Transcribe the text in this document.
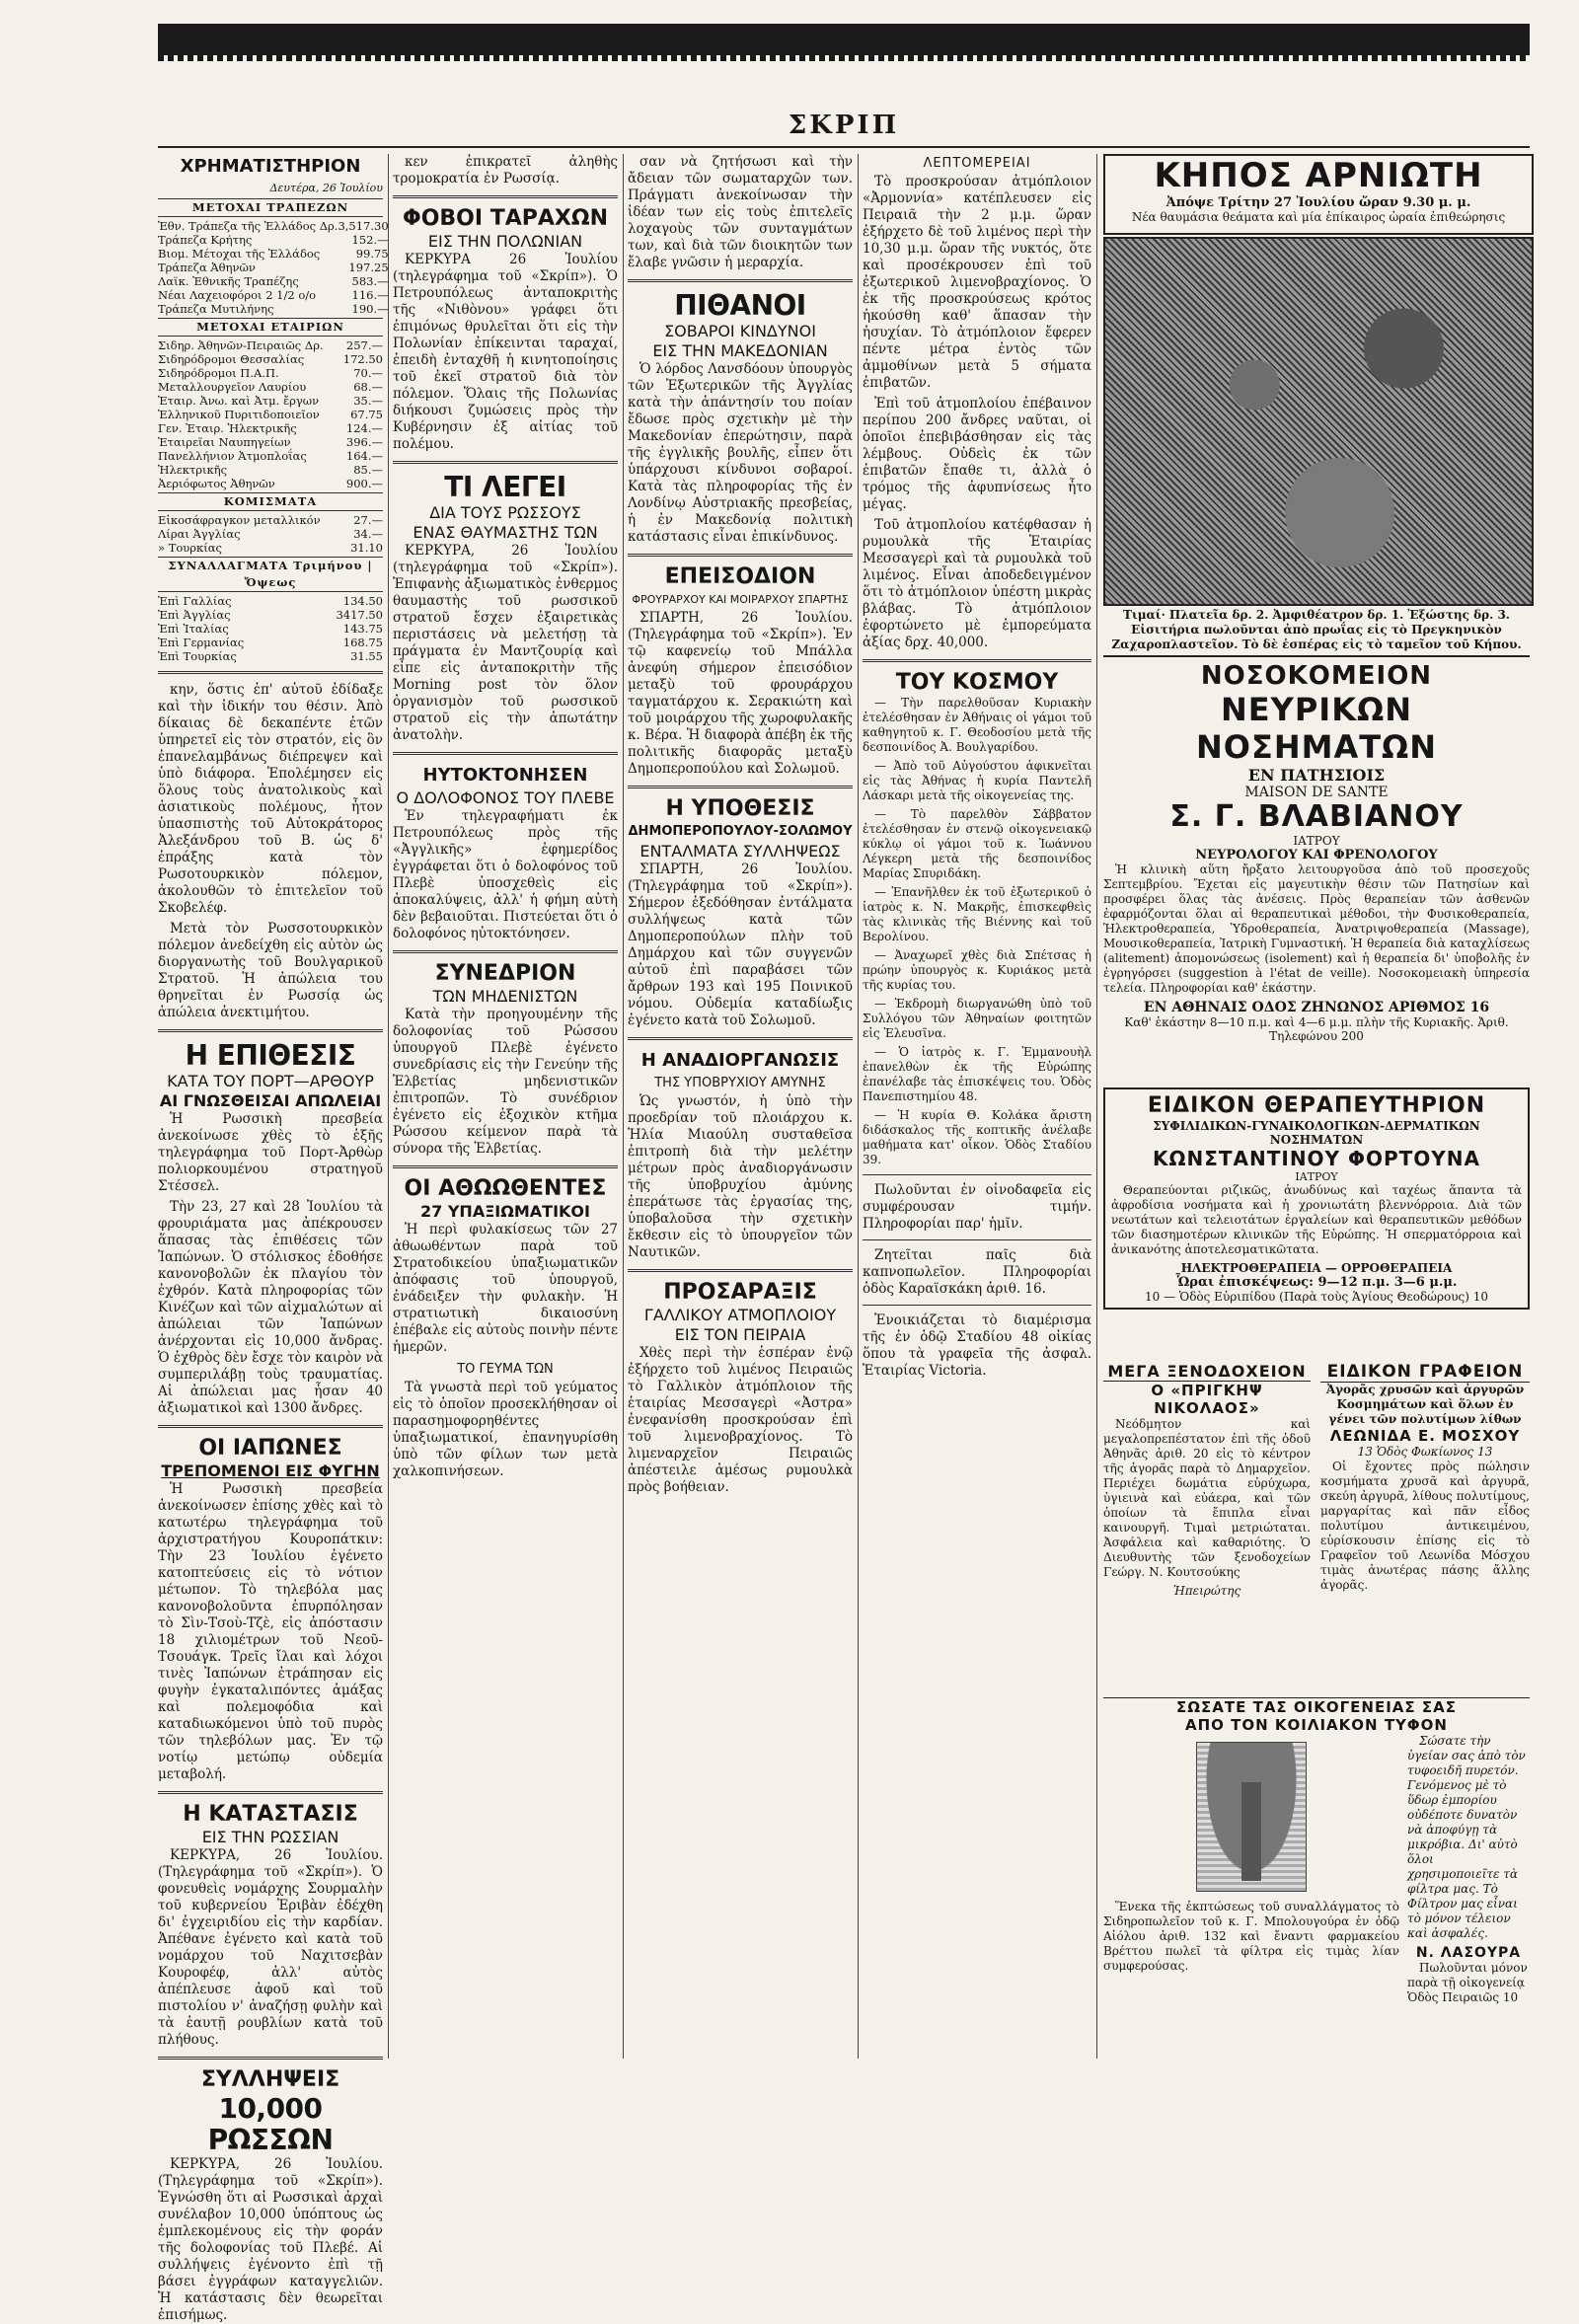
ΣΚΡΙΠ
ΧΡΗΜΑΤΙΣΤΗΡΙΟΝ
Δευτέρα, 26 Ἰουλίου
ΜΕΤΟΧΑΙ ΤΡΑΠΕΖΩΝ
Ἐθν. Τράπεζα τῆς Ἑλλάδος Δρ.	3,517.30
Τράπεζα Κρήτης	152.—
Βιομ. Μέτοχαι τῆς Ἑλλάδος	99.75
Τράπεζα Ἀθηνῶν	197.25
Λαϊκ. Ἐθνικῆς Τραπέζης	583.—
Νέαι Λαχειοφόροι 2 1/2 ο/ο	116.—
Τράπεζα Μυτιλήνης	190.—
ΜΕΤΟΧΑΙ ΕΤΑΙΡΙΩΝ
Σιδηρ. Ἀθηνῶν-Πειραιῶς Δρ.	257.—
Σιδηρόδρομοι Θεσσαλίας	172.50
Σιδηρόδρομοι Π.Α.Π.	70.—
Μεταλλουργεῖον Λαυρίου	68.—
Ἑταιρ. Ἀνω. καὶ Ἀτμ. ἔργων	35.—
Ἑλληνικοῦ Πυριτιδοποιεῖον	67.75
Γεν. Ἑταιρ. Ἠλεκτρικῆς	124.—
Ἑταιρεῖαι Ναυπηγείων	396.—
Πανελλήνιον Ἀτμοπλοΐας	164.—
Ἠλεκτρικῆς	85.—
Ἀεριόφωτος Ἀθηνῶν	900.—
ΚΟΜΙΣΜΑΤΑ
Εἰκοσάφραγκον μεταλλικόν	27.—
Λίραι Ἀγγλίας	34.—
» Τουρκίας	31.10
ΣΥΝΑΛΛΑΓΜΑΤΑ Τριμήνου | Ὄψεως
Ἐπὶ Γαλλίας	134.50
Ἐπὶ Ἀγγλίας	3417.50
Ἐπὶ Ἰταλίας	143.75
Ἐπὶ Γερμανίας	168.75
Ἐπὶ Τουρκίας	31.55

κην, ὅστις ἐπ' αὐτοῦ ἐδίδαξε καὶ τὴν ἰδικήν του θέσιν. Ἀπὸ δίκαιας δὲ δεκαπέντε ἐτῶν ὑπηρετεῖ εἰς τὸν στρατόν, εἰς ὃν ἐπανελαμβάνως διέπρεψεν καὶ ὑπὸ διάφορα. Ἐπολέμησεν εἰς ὅλους τοὺς ἀνατολικοὺς καὶ ἀσιατικοὺς πολέμους, ἦτον ὑπασπιστὴς τοῦ Αὐτοκράτορος Ἀλεξάνδρου τοῦ Β. ὡς δ' ἐπράξης κατὰ τὸν Ρωσοτουρκικὸν πόλεμον, ἀκολουθῶν τὸ ἐπιτελεῖον τοῦ Σκοβελέφ.

Μετὰ τὸν Ρωσσοτουρκικὸν πόλεμον ἀνεδείχθη εἰς αὐτὸν ὡς διοργανωτὴς τοῦ Βουλγαρικοῦ Στρατοῦ. Ἡ ἀπώλεια του θρηνεῖται ἐν Ρωσσίᾳ ὡς ἀπώλεια ἀνεκτιμήτου.

Η ΕΠΙΘΕΣΙΣ
ΚΑΤΑ ΤΟΥ ΠΟΡΤ—ΑΡΘΟΥΡ
ΑΙ ΓΝΩΣΘΕΙΣΑΙ ΑΠΩΛΕΙΑΙ

Ἡ Ρωσσικὴ πρεσβεία ἀνεκοίνωσε χθὲς τὸ ἑξῆς τηλεγράφημα τοῦ Πορτ-Ἀρθὼρ πολιορκουμένου στρατηγοῦ Στέσσελ.

Τὴν 23, 27 καὶ 28 Ἰουλίου τὰ φρουριάματα μας ἀπέκρουσεν ἅπασας τὰς ἐπιθέσεις τῶν Ἰαπώνων. Ὁ στόλισκος ἐδοθήσε κανονοβολῶν ἐκ πλαγίου τὸν ἐχθρόν. Κατὰ πληροφορίας τῶν Κινέζων καὶ τῶν αἰχμαλώτων αἱ ἀπώλειαι τῶν Ἰαπώνων ἀνέρχονται εἰς 10,000 ἄνδρας. Ὁ ἐχθρὸς δὲν ἔσχε τὸν καιρὸν νὰ συμπεριλάβῃ τοὺς τραυματίας. Αἱ ἀπώλειαι μας ἦσαν 40 ἀξιωματικοὶ καὶ 1300 ἄνδρες.

ΟΙ ΙΑΠΩΝΕΣ
ΤΡΕΠΟΜΕΝΟΙ ΕΙΣ ΦΥΓΗΝ

Ἡ Ρωσσικὴ πρεσβεία ἀνεκοίνωσεν ἐπίσης χθὲς καὶ τὸ κατωτέρω τηλεγράφημα τοῦ ἀρχιστρατήγου Κουροπάτκιν: Τὴν 23 Ἰουλίου ἐγένετο κατοπτεύσεις εἰς τὸ νότιον μέτωπον. Τὸ τηλεβόλα μας κανονοβολοῦντα ἐπυρπόλησαν τὸ Σὶν-Τσοὺ-Τζὲ, εἰς ἀπόστασιν 18 χιλιομέτρων τοῦ Νεοῦ-Τσουάγκ. Τρεῖς ἴλαι καὶ λόχοι τινὲς Ἰαπώνων ἐτράπησαν εἰς φυγὴν ἐγκαταλιπόντες ἁμάξας καὶ πολεμοφόδια καὶ καταδιωκόμενοι ὑπὸ τοῦ πυρὸς τῶν τηλεβόλων μας. Ἐν τῷ νοτίῳ μετώπῳ οὐδεμία μεταβολή.

Η ΚΑΤΑΣΤΑΣΙΣ
ΕΙΣ ΤΗΝ ΡΩΣΣΙΑΝ

ΚΕΡΚΥΡΑ, 26 Ἰουλίου. (Τηλεγράφημα τοῦ «Σκρίπ»). Ὁ φονευθεὶς νομάρχης Σουρμαλὴν τοῦ κυβερνείου Ἐριβὰν ἐδέχθη δι' ἐγχειριδίου εἰς τὴν καρδίαν. Ἀπέθανε ἐγένετο καὶ κατὰ τοῦ νομάρχου τοῦ Ναχιτσεβὰν Κουροφέφ, ἀλλ' αὐτὸς ἀπέπλευσε ἀφοῦ καὶ τοῦ πιστολίου ν' ἀναζήσῃ φυλὴν καὶ τὰ ἑαυτῇ ρουβλίων κατὰ τοῦ πλήθους.

ΣΥΛΛΗΨΕΙΣ
10,000 ΡΩΣΣΩΝ

ΚΕΡΚΥΡΑ, 26 Ἰουλίου. (Τηλεγράφημα τοῦ «Σκρίπ»). Ἐγνώσθη ὅτι αἱ Ρωσσικαὶ ἀρχαὶ συνέλαβον 10,000 ὑπόπτους ὡς ἐμπλεκομένους εἰς τὴν φοράν τῆς δολοφονίας τοῦ Πλεβέ. Αἱ συλλήψεις ἐγένοντο ἐπὶ τῇ βάσει ἐγγράφων καταγγελιῶν. Ἡ κατάστασις δὲν θεωρεῖται ἐπισήμως.

κεν ἐπικρατεῖ ἀληθὴς τρομοκρατία ἐν Ρωσσίᾳ.

ΦΟΒΟΙ ΤΑΡΑΧΩΝ
ΕΙΣ ΤΗΝ ΠΟΛΩΝΙΑΝ

ΚΕΡΚΥΡΑ 26 Ἰουλίου (τηλεγράφημα τοῦ «Σκρίπ»). Ὁ Πετρουπόλεως ἀνταποκριτὴς τῆς «Νιθὸνου» γράφει ὅτι ἐπιμόνως θρυλεῖται ὅτι εἰς τὴν Πολωνίαν ἐπίκεινται ταραχαί, ἐπειδὴ ἐνταχθῆ ἡ κινητοποίησις τοῦ ἐκεῖ στρατοῦ διὰ τὸν πόλεμον. Ὅλαις τῆς Πολωνίας διήκουσι ζυμώσεις πρὸς τὴν Κυβέρνησιν ἐξ αἰτίας τοῦ πολέμου.

ΤΙ ΛΕΓΕΙ
ΔΙΑ ΤΟΥΣ ΡΩΣΣΟΥΣ
ΕΝΑΣ ΘΑΥΜΑΣΤΗΣ ΤΩΝ

ΚΕΡΚΥΡΑ, 26 Ἰουλίου (τηλεγράφημα τοῦ «Σκρίπ»). Ἐπιφανὴς ἀξιωματικὸς ἐνθερμος θαυμαστὴς τοῦ ρωσσικοῦ στρατοῦ ἔσχεν ἐξαιρετικὰς περιστάσεις νὰ μελετήσῃ τὰ πράγματα ἐν Μαντζουρίᾳ καὶ εἶπε εἰς ἀνταποκριτὴν τῆς Morning post τὸν ὅλον ὀργανισμὸν τοῦ ρωσσικοῦ στρατοῦ εἰς τὴν ἀπωτάτην ἀνατολὴν.

ΗΥΤΟΚΤΟΝΗΣΕΝ
Ο ΔΟΛΟΦΟΝΟΣ ΤΟΥ ΠΛΕΒΕ

Ἐν τηλεγραφήματι ἐκ Πετρουπόλεως πρὸς τῆς «Ἀγγλικῆς» ἐφημερίδος ἐγγράφεται ὅτι ὁ δολοφόνος τοῦ Πλεβὲ ὑποσχεθεὶς εἰς ἀποκαλύψεις, ἀλλ' ἡ φήμη αὐτὴ δὲν βεβαιοῦται. Πιστεύεται ὅτι ὁ δολοφόνος ηὐτοκτόνησεν.

ΣΥΝΕΔΡΙΟΝ
ΤΩΝ ΜΗΔΕΝΙΣΤΩΝ

Κατὰ τὴν προηγουμένην τῆς δολοφονίας τοῦ Ρώσσου ὑπουργοῦ Πλεβὲ ἐγένετο συνεδρίασις εἰς τὴν Γενεύην τῆς Ἑλβετίας μηδενιστικῶν ἐπιτροπῶν. Τὸ συνέδριον ἐγένετο εἰς ἐξοχικὸν κτῆμα Ρώσσου κείμενον παρὰ τὰ σύνορα τῆς Ἑλβετίας.

ΟΙ ΑΘΩΩΘΕΝΤΕΣ
27 ΥΠΑΞΙΩΜΑΤΙΚΟΙ

Ἡ περὶ φυλακίσεως τῶν 27 ἀθωωθέντων παρὰ τοῦ Στρατοδικείου ὑπαξιωματικῶν ἀπόφασις τοῦ ὑπουργοῦ, ἐνάδειξεν τὴν φυλακὴν. Ἡ στρατιωτικὴ δικαιοσύνη ἐπέβαλε εἰς αὐτοὺς ποινὴν πέντε ἡμερῶν.

ΤΟ ΓΕΥΜΑ ΤΩΝ

Τὰ γνωστὰ περὶ τοῦ γεύματος εἰς τὸ ὁποῖον προσεκλήθησαν οἱ παρασημοφορηθέντες ὑπαξιωματικοί, ἐπανηγυρίσθη ὑπὸ τῶν φίλων των μετὰ χαλκοπινήσεων.

σαν νὰ ζητήσωσι καὶ τὴν ἄδειαν τῶν σωματαρχῶν των. Πράγματι ἀνεκοίνωσαν τὴν ἰδέαν των εἰς τοὺς ἐπιτελεῖς λοχαγοὺς τῶν συνταγμάτων των, καὶ διὰ τῶν διοικητῶν των ἔλαβε γνῶσιν ἡ μεραρχία.

ΠΙΘΑΝΟΙ
ΣΟΒΑΡΟΙ ΚΙΝΔΥΝΟΙ
ΕΙΣ ΤΗΝ ΜΑΚΕΔΟΝΙΑΝ

Ὁ λόρδος Λανσδόουν ὑπουργὸς τῶν Ἐξωτερικῶν τῆς Ἀγγλίας κατὰ τὴν ἀπάντησίν του ποίαν ἔδωσε πρὸς σχετικὴν μὲ τὴν Μακεδονίαν ἐπερώτησιν, παρὰ τῆς ἐγγλικῆς βουλῆς, εἶπεν ὅτι ὑπάρχουσι κίνδυνοι σοβαροί. Κατὰ τὰς πληροφορίας τῆς ἐν Λονδίνῳ Αὐστριακῆς πρεσβείας, ἡ ἐν Μακεδονίᾳ πολιτικὴ κατάστασις εἶναι ἐπικίνδυνος.

ΕΠΕΙΣΟΔΙΟΝ
ΦΡΟΥΡΑΡΧΟΥ ΚΑΙ ΜΟΙΡΑΡΧΟΥ ΣΠΑΡΤΗΣ

ΣΠΑΡΤΗ, 26 Ἰουλίου. (Τηλεγράφημα τοῦ «Σκρίπ»). Ἐν τῷ καφενείῳ τοῦ Μπάλλα ἀνεφύη σήμερον ἐπεισόδιον μεταξὺ τοῦ φρουράρχου ταγματάρχου κ. Σερακιώτη καὶ τοῦ μοιράρχου τῆς χωροφυλακῆς κ. Βέρα. Ἡ διαφορὰ ἀπέβη ἐκ τῆς πολιτικῆς διαφορᾶς μεταξὺ Δημοπεροπούλου καὶ Σολωμοῦ.

Η ΥΠΟΘΕΣΙΣ
ΔΗΜΟΠΕΡΟΠΟΥΛΟΥ-ΣΟΛΩΜΟΥ
ΕΝΤΑΛΜΑΤΑ ΣΥΛΛΗΨΕΩΣ

ΣΠΑΡΤΗ, 26 Ἰουλίου. (Τηλεγράφημα τοῦ «Σκρίπ»). Σήμερον ἐξεδόθησαν ἐντάλματα συλλήψεως κατὰ τῶν Δημοπεροπούλων πλὴν τοῦ Δημάρχου καὶ τῶν συγγενῶν αὐτοῦ ἐπὶ παραβάσει τῶν ἄρθρων 193 καὶ 195 Ποινικοῦ νόμου. Οὐδεμία καταδίωξις ἐγένετο κατὰ τοῦ Σολωμοῦ.

Η ΑΝΑΔΙΟΡΓΑΝΩΣΙΣ
ΤΗΣ ΥΠΟΒΡΥΧΙΟΥ ΑΜΥΝΗΣ

Ὡς γνωστόν, ἡ ὑπὸ τὴν προεδρίαν τοῦ πλοιάρχου κ. Ἠλία Μιαούλη συσταθεῖσα ἐπιτροπὴ διὰ τὴν μελέτην μέτρων πρὸς ἀναδιοργάνωσιν τῆς ὑποβρυχίου ἀμύνης ἐπεράτωσε τὰς ἐργασίας της, ὑποβαλοῦσα τὴν σχετικὴν ἔκθεσιν εἰς τὸ ὑπουργεῖον τῶν Ναυτικῶν.

ΠΡΟΣΑΡΑΞΙΣ
ΓΑΛΛΙΚΟΥ ΑΤΜΟΠΛΟΙΟΥ
ΕΙΣ ΤΟΝ ΠΕΙΡΑΙΑ

Χθὲς περὶ τὴν ἑσπέραν ἐνῷ ἐξήρχετο τοῦ λιμένος Πειραιῶς τὸ Γαλλικὸν ἀτμόπλοιον τῆς ἑταιρίας Μεσσαγερὶ «Ἀστρα» ἐνεφανίσθη προσκρούσαν ἐπὶ τοῦ λιμενοβραχίονος. Τὸ λιμεναρχεῖον Πειραιῶς ἀπέστειλε ἀμέσως ρυμουλκὰ πρὸς βοήθειαν.

ΛΕΠΤΟΜΕΡΕΙΑΙ

Τὸ προσκρούσαν ἀτμόπλοιον «Ἀρμοννία» κατέπλευσεν εἰς Πειραιᾶ τὴν 2 μ.μ. ὥραν ἐξήρχετο δὲ τοῦ λιμένος περὶ τὴν 10,30 μ.μ. ὥραν τῆς νυκτός, ὅτε καὶ προσέκρουσεν ἐπὶ τοῦ ἐξωτερικοῦ λιμενοβραχίονος. Ὁ ἐκ τῆς προσκρούσεως κρότος ἠκούσθη καθ' ἅπασαν τὴν ἡσυχίαν. Τὸ ἀτμόπλοιον ἔφερεν πέντε μέτρα ἐντὸς τῶν ἀμμοθίνων μετὰ 5 σήματα ἐπιβατῶν.

Ἐπὶ τοῦ ἀτμοπλοίου ἐπέβαινον περίπου 200 ἄνδρες ναῦται, οἱ ὁποῖοι ἐπεβιβάσθησαν εἰς τὰς λέμβους. Οὐδεὶς ἐκ τῶν ἐπιβατῶν ἔπαθε τι, ἀλλὰ ὁ τρόμος τῆς ἀφυπνίσεως ἦτο μέγας.

Τοῦ ἀτμοπλοίου κατέφθασαν ἡ ρυμουλκὰ τῆς Ἑταιρίας Μεσσαγερὶ καὶ τὰ ρυμουλκὰ τοῦ λιμένος. Εἶναι ἀποδεδειγμένον ὅτι τὸ ἀτμόπλοιον ὑπέστη μικρὰς βλάβας. Τὸ ἀτμόπλοιον ἐφορτώνετο μὲ ἐμπορεύματα ἀξίας δρχ. 40,000.

ΤΟΥ ΚΟΣΜΟΥ

— Τὴν παρελθοῦσαν Κυριακὴν ἐτελέσθησαν ἐν Ἀθήναις οἱ γάμοι τοῦ καθηγητοῦ κ. Γ. Θεοδοσίου μετὰ τῆς δεσποινίδος Ἀ. Βουλγαρίδου.

— Ἀπὸ τοῦ Αὐγούστου ἀφικνεῖται εἰς τὰς Ἀθήνας ἡ κυρία Παντελῆ Λάσκαρι μετὰ τῆς οἰκογενείας της.

— Τὸ παρελθὸν Σάββατον ἐτελέσθησαν ἐν στενῷ οἰκογενειακῷ κύκλῳ οἱ γάμοι τοῦ κ. Ἰωάννου Λέγκερη μετὰ τῆς δεσποινίδος Μαρίας Σπυριδάκη.

— Ἐπανῆλθεν ἐκ τοῦ ἐξωτερικοῦ ὁ ἰατρὸς κ. Ν. Μακρῆς, ἐπισκεφθεὶς τὰς κλινικὰς τῆς Βιέννης καὶ τοῦ Βερολίνου.

— Ἀναχωρεῖ χθὲς διὰ Σπέτσας ἡ πρώην ὑπουργὸς κ. Κυριάκος μετὰ τῆς κυρίας του.

— Ἐκδρομὴ διωργανώθη ὑπὸ τοῦ Συλλόγου τῶν Ἀθηναίων φοιτητῶν εἰς Ἐλευσῖνα.

— Ὁ ἰατρὸς κ. Γ. Ἐμμανουὴλ ἐπανελθὼν ἐκ τῆς Εὐρώπης ἐπανέλαβε τὰς ἐπισκέψεις του. Ὁδὸς Πανεπιστημίου 48.

— Ἡ κυρία Θ. Κολάκα ἄριστη διδάσκαλος τῆς κοπτικῆς ἀνέλαβε μαθήματα κατ' οἶκον. Ὁδὸς Σταδίου 39.

Πωλοῦνται ἐν οἰνοδαφεῖα εἰς συμφέρουσαν τιμήν. Πληροφορίαι παρ' ἡμῖν.

Ζητεῖται παῖς διὰ καπνοπωλεῖον. Πληροφορίαι ὁδὸς Καραϊσκάκη ἀριθ. 16.

Ἐνοικιάζεται τὸ διαμέρισμα τῆς ἐν ὁδῷ Σταδίου 48 οἰκίας ὅπου τὰ γραφεῖα τῆς ἀσφαλ. Ἑταιρίας Victoria.

ΚΗΠΟΣ ΑΡΝΙΩΤΗ
Ἀπόψε Τρίτην 27 Ἰουλίου ὥραν 9.30 μ. μ.
Νέα θαυμάσια θεάματα καὶ μία ἐπίκαιρος ὡραία ἐπιθεώρησις
Τιμαί· Πλατεῖα δρ. 2. Ἀμφιθέατρον δρ. 1. Ἐξώστης δρ. 3. Εἰσιτήρια πωλοῦνται ἀπὸ πρωΐας εἰς τὸ Πρεγκηνικὸν Ζαχαροπλαστεῖον. Τὸ δὲ ἑσπέρας εἰς τὸ ταμεῖον τοῦ Κήπου.
ΝΟΣΟΚΟΜΕΙΟΝ
ΝΕΥΡΙΚΩΝ ΝΟΣΗΜΑΤΩΝ
ΕΝ ΠΑΤΗΣΙΟΙΣ
MAISON DE SANTE
Σ. Γ. ΒΛΑΒΙΑΝΟΥ
ΙΑΤΡΟΥ
ΝΕΥΡΟΛΟΓΟΥ ΚΑΙ ΦΡΕΝΟΛΟΓΟΥ

Ἡ κλινικὴ αὕτη ἤρξατο λειτουργοῦσα ἀπὸ τοῦ προσεχοῦς Σεπτεμβρίου. Ἔχεται εἰς μαγευτικὴν θέσιν τῶν Πατησίων καὶ προσφέρει ὅλας τὰς ἀνέσεις. Πρὸς θεραπείαν τῶν ἀσθενῶν ἐφαρμόζονται ὅλαι αἱ θεραπευτικαὶ μέθοδοι, τὴν Φυσικοθεραπεία, Ἡλεκτροθεραπεία, Ὑδροθεραπεία, Ἀνατριψοθεραπεία (Massage), Μουσικοθεραπεία, Ἰατρικὴ Γυμναστική. Ἡ θεραπεία διὰ καταχλίσεως (alitement) ἀπομονώσεως (isolement) καὶ ἡ θεραπεία δι' ὑποβολῆς ἐν ἐγρηγόρσει (suggestion à l'état de veille). Νοσοκομειακὴ ὑπηρεσία τελεία. Πληροφορίαι καθ' ἑκάστην.

ΕΝ ΑΘΗΝΑΙΣ ΟΔΟΣ ΖΗΝΩΝΟΣ ΑΡΙΘΜΟΣ 16
Καθ' ἑκάστην 8—10 π.μ. καὶ 4—6 μ.μ. πλὴν τῆς Κυριακῆς. Ἀριθ. Τηλεφώνου 200
ΕΙΔΙΚΟΝ ΘΕΡΑΠΕΥΤΗΡΙΟΝ
ΣΥΦΙΛΙΔΙΚΩΝ-ΓΥΝΑΙΚΟΛΟΓΙΚΩΝ-ΔΕΡΜΑΤΙΚΩΝ ΝΟΣΗΜΑΤΩΝ
ΚΩΝΣΤΑΝΤΙΝΟΥ ΦΟΡΤΟΥΝΑ
ΙΑΤΡΟΥ

Θεραπεύονται ριζικῶς, ἀνωδύνως καὶ ταχέως ἅπαντα τὰ ἀφροδίσια νοσήματα καὶ ἡ χρονιωτάτη βλεννόρροια. Διὰ τῶν νεωτάτων καὶ τελειοτάτων ἐργαλείων καὶ θεραπευτικῶν μεθόδων τῶν διασημοτέρων κλινικῶν τῆς Εὐρώπης. Ἡ σπερματόρροια καὶ ἀνικανότης ἀποτελεσματικῶτατα.

ΗΛΕΚΤΡΟΘΕΡΑΠΕΙΑ — ΟΡΡΟΘΕΡΑΠΕΙΑ
Ὧραι ἐπισκέψεως: 9—12 π.μ. 3—6 μ.μ.
10 — Ὁδὸς Εὐριπίδου (Παρὰ τοὺς Ἁγίους Θεοδώρους) 10
ΜΕΓΑ ΞΕΝΟΔΟΧΕΙΟΝ
Ο «ΠΡΙΓΚΗΨ ΝΙΚΟΛΑΟΣ»

Νεόδμητον καὶ μεγαλοπρεπέστατον ἐπὶ τῆς ὁδοῦ Ἀθηνᾶς ἀριθ. 20 εἰς τὸ κέντρον τῆς ἀγορᾶς παρὰ τὸ Δημαρχεῖον. Περιέχει δωμάτια εὐρύχωρα, ὑγιεινὰ καὶ εὐάερα, καὶ τῶν ὁποίων τὰ ἔπιπλα εἶναι καινουργῆ. Τιμαὶ μετριώταται. Ἀσφάλεια καὶ καθαριότης. Ὁ Διευθυντὴς τῶν ξενοδοχείων Γεώργ. Ν. Κουτσούκης

Ἠπειρώτης
ΕΙΔΙΚΟΝ ΓΡΑΦΕΙΟΝ
Ἀγορᾶς χρυσῶν καὶ ἀργυρῶν Κοσμημάτων καὶ ὅλων ἐν γένει τῶν πολυτίμων λίθων
ΛΕΩΝΙΔΑ Ε. ΜΟΣΧΟΥ
13 Ὁδὸς Φωκίωνος 13

Οἱ ἔχοντες πρὸς πώλησιν κοσμήματα χρυσᾶ καὶ ἀργυρᾶ, σκεύη ἀργυρᾶ, λίθους πολυτίμους, μαργαρίτας καὶ πᾶν εἶδος πολυτίμου ἀντικειμένου, εὑρίσκουσιν ἐπίσης εἰς τὸ Γραφεῖον τοῦ Λεωνίδα Μόσχου τιμὰς ἀνωτέρας πάσης ἄλλης ἀγορᾶς.

ΣΩΣΑΤΕ ΤΑΣ ΟΙΚΟΓΕΝΕΙΑΣ ΣΑΣ
ΑΠΟ ΤΟΝ ΚΟΙΛΙΑΚΟΝ ΤΥΦΟΝ

Ἕνεκα τῆς ἐκπτώσεως τοῦ συναλλάγματος τὸ Σιδηροπωλεῖον τοῦ κ. Γ. Μπολουγούρα ἐν ὁδῷ Αἰόλου ἀριθ. 132 καὶ ἔναντι φαρμακείου Βρέττου πωλεῖ τὰ φίλτρα εἰς τιμὰς λίαν συμφερούσας.

Σώσατε τὴν ὑγείαν σας ἀπὸ τὸν τυφοειδῆ πυρετόν. Γενόμενος μὲ τὸ ὕδωρ ἐμπορίου οὐδέποτε δυνατὸν νὰ ἀποφύγῃ τὰ μικρόβια. Δι' αὐτὸ ὅλοι χρησιμοποιεῖτε τὰ φίλτρα μας. Τὸ Φίλτρον μας εἶναι τὸ μόνον τέλειον καὶ ἀσφαλές.

Ν. ΛΑΣΟΥΡΑ

Πωλοῦνται μόνον παρὰ τῇ οἰκογενείᾳ Ὁδὸς Πειραιῶς 10
